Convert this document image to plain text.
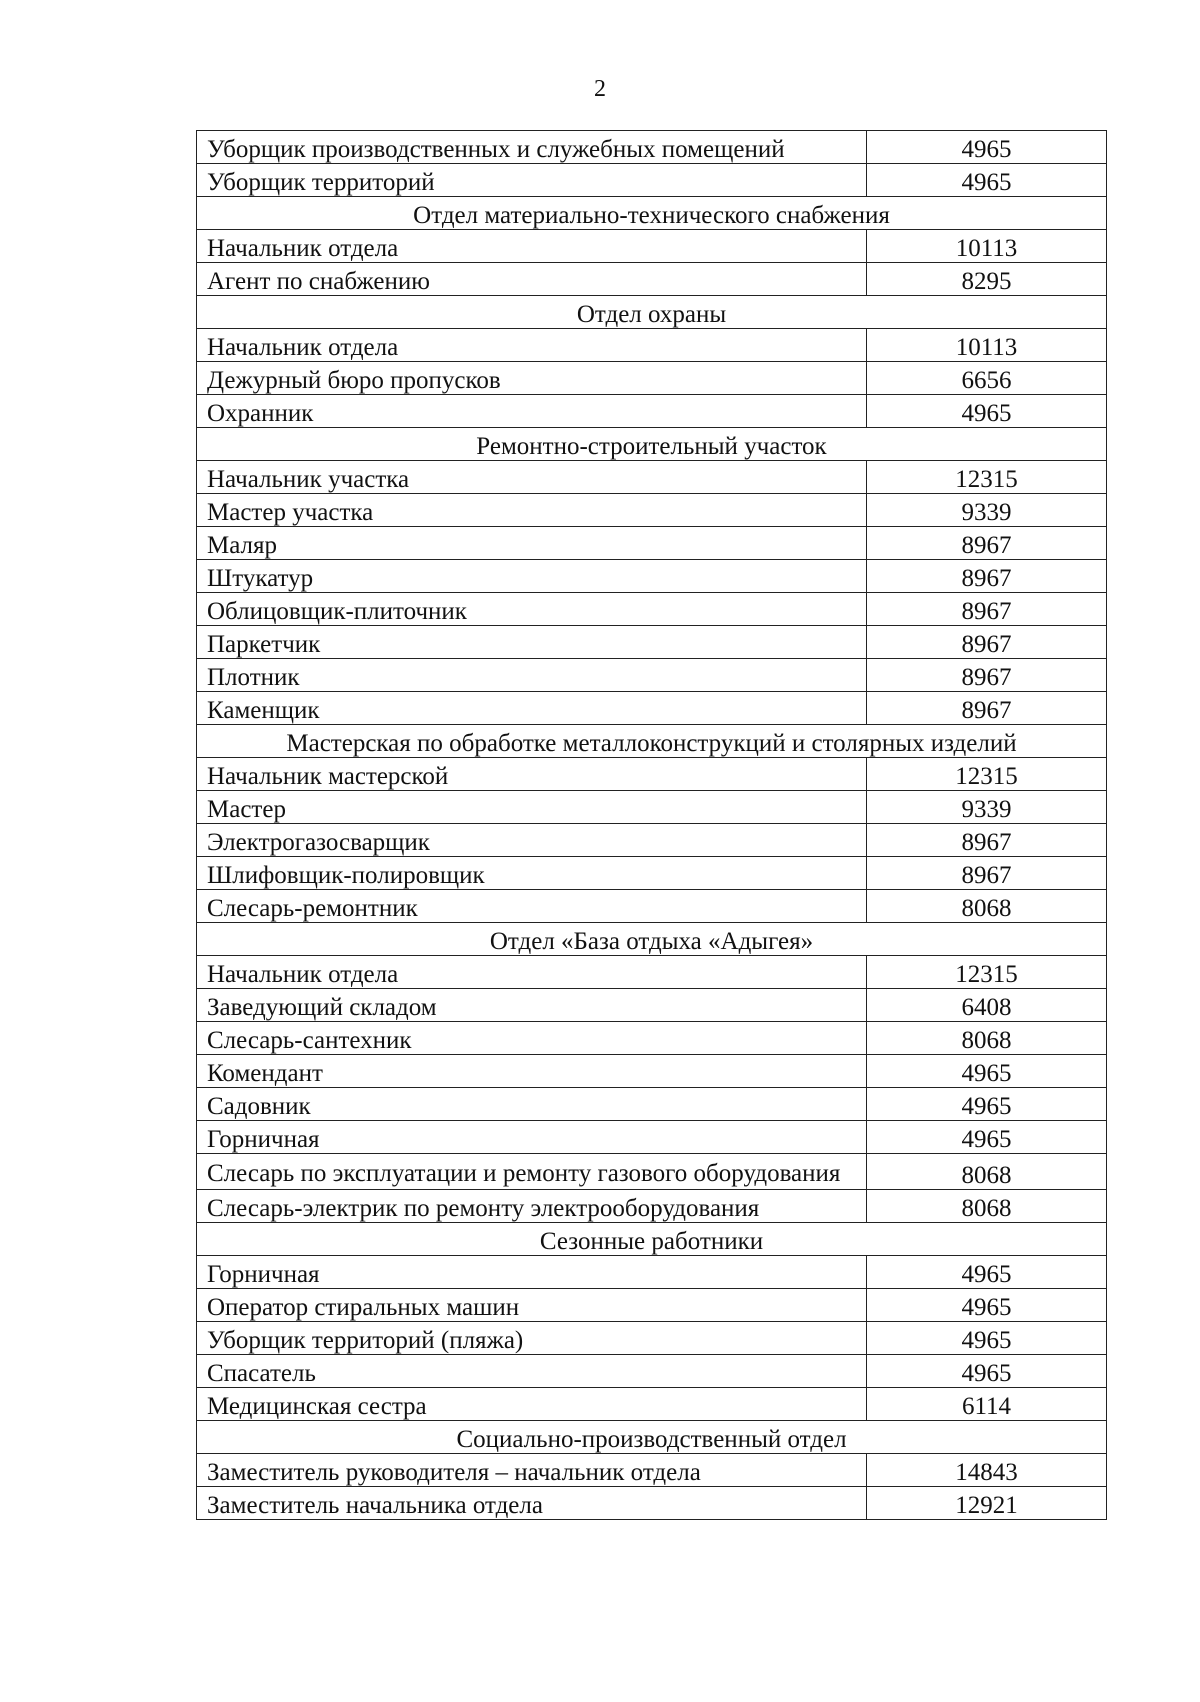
2
Уборщик производственных и служебных помещений	4965
Уборщик территорий	4965
Отдел материально-технического снабжения	
Начальник отдела	10113
Агент по снабжению	8295
Отдел охраны	
Начальник отдела	10113
Дежурный бюро пропусков	6656
Охранник	4965
Ремонтно-строительный участок	
Начальник участка	12315
Мастер участка	9339
Маляр	8967
Штукатур	8967
Облицовщик-плиточник	8967
Паркетчик	8967
Плотник	8967
Каменщик	8967
Мастерская по обработке металлоконструкций и столярных изделий	
Начальник мастерской	12315
Мастер	9339
Электрогазосварщик	8967
Шлифовщик-полировщик	8967
Слесарь-ремонтник	8068
Отдел «База отдыха «Адыгея»	
Начальник отдела	12315
Заведующий складом	6408
Слесарь-сантехник	8068
Комендант	4965
Садовник	4965
Горничная	4965
Слесарь по эксплуатации и ремонту газового оборудования	8068
Слесарь-электрик по ремонту электрооборудования	8068
Сезонные работники	
Горничная	4965
Оператор стиральных машин	4965
Уборщик территорий (пляжа)	4965
Спасатель	4965
Медицинская сестра	6114
Социально-производственный отдел	
Заместитель руководителя – начальник отдела	14843
Заместитель начальника отдела	12921
